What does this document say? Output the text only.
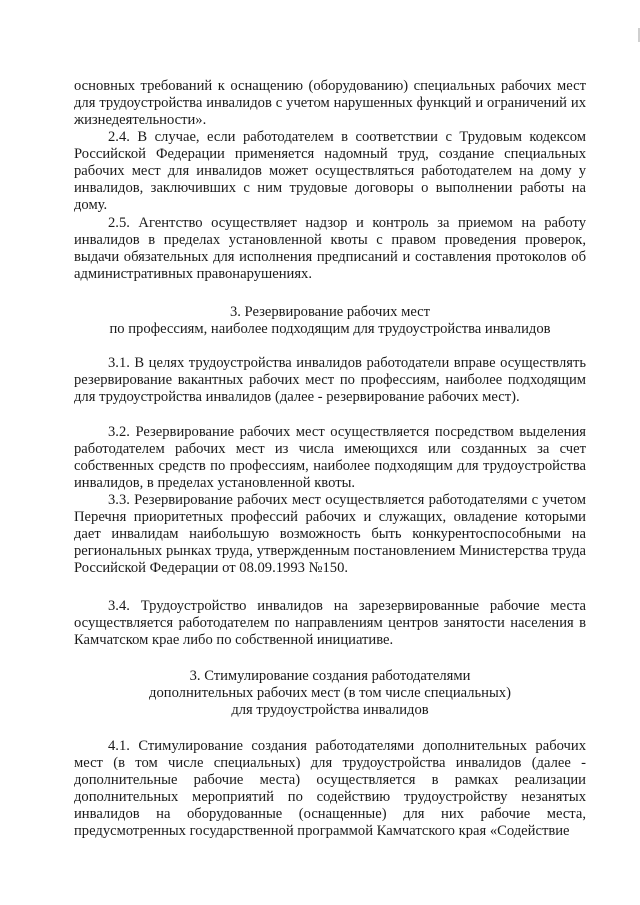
основных требований к оснащению (оборудованию) специальных рабочих мест для трудоустройства инвалидов с учетом нарушенных функций и ограничений их жизнедеятельности».

2.4. В случае, если работодателем в соответствии с Трудовым кодексом Российской Федерации применяется надомный труд, создание специальных рабочих мест для инвалидов может осуществляться работодателем на дому у инвалидов, заключивших с ним трудовые договоры о выполнении работы на дому.

2.5. Агентство осуществляет надзор и контроль за приемом на работу инвалидов в пределах установленной квоты с правом проведения проверок, выдачи обязательных для исполнения предписаний и составления протоколов об административных правонарушениях.

3. Резервирование рабочих мест

по профессиям, наиболее подходящим для трудоустройства инвалидов

3.1. В целях трудоустройства инвалидов работодатели вправе осуществлять резервирование вакантных рабочих мест по профессиям, наиболее подходящим для трудоустройства инвалидов (далее - резервирование рабочих мест).

3.2. Резервирование рабочих мест осуществляется посредством выделения работодателем рабочих мест из числа имеющихся или созданных за счет собственных средств по профессиям, наиболее подходящим для трудоустройства инвалидов, в пределах установленной квоты.

3.3. Резервирование рабочих мест осуществляется работодателями с учетом Перечня приоритетных профессий рабочих и служащих, овладение которыми дает инвалидам наибольшую возможность быть конкурентоспособными на региональных рынках труда, утвержденным постановлением Министерства труда Российской Федерации от 08.09.1993 №150.

3.4. Трудоустройство инвалидов на зарезервированные рабочие места осуществляется работодателем по направлениям центров занятости населения в Камчатском крае либо по собственной инициативе.

3. Стимулирование создания работодателями

дополнительных рабочих мест (в том числе специальных)

для трудоустройства инвалидов

4.1. Стимулирование создания работодателями дополнительных рабочих мест (в том числе специальных) для трудоустройства инвалидов (далее - дополнительные рабочие места) осуществляется в рамках реализации дополнительных мероприятий по содействию трудоустройству незанятых инвалидов на оборудованные (оснащенные) для них рабочие места, предусмотренных государственной программой Камчатского края «Содействие
